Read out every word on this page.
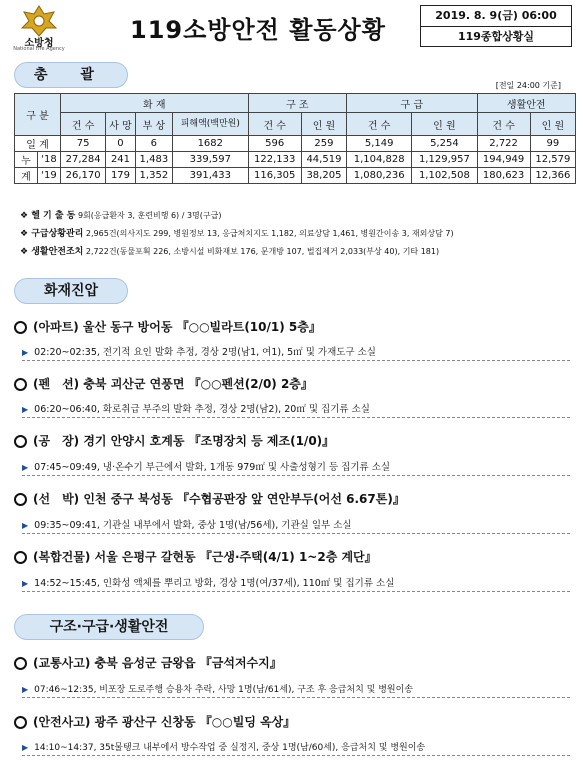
소방청
National Fire Agency
119소방안전 활동상황
2019. 8. 9(금) 06:00
119종합상황실
총 괄
[전일 24:00 기준]
구 분		화 재				구 조		구 급		생활안전	
		건 수	사 망	부 상	피해액(백만원)	건 수	인 원	건 수	인 원	건 수	인 원
일 계		75	0	6	1682	596	259	5,149	5,254	2,722	99
누	'18	27,284	241	1,483	339,597	122,133	44,519	1,104,828	1,129,957	194,949	12,579
계	'19	26,170	179	1,352	391,433	116,305	38,205	1,080,236	1,102,508	180,623	12,366
❖ 헬 기 출 동 9회(응급환자 3, 훈련비행 6) / 3명(구급)
❖ 구급상황관리 2,965건(의사지도 299, 병원정보 13, 응급처치지도 1,182, 의료상담 1,461, 병원간이송 3, 재외상담 7)
❖ 생활안전조치 2,722건(동물포획 226, 소방시설 비화재보 176, 문개방 107, 벌집제거 2,033(부상 40), 기타 181)
화재진압
(아파트) 울산 동구 방어동 『○○빌라트(10/1) 5층』
▶ 02:20~02:35, 전기적 요인 발화 추정, 경상 2명(남1, 여1), 5㎡ 및 가재도구 소실
(펜　션) 충북 괴산군 연풍면 『○○펜션(2/0) 2층』
▶ 06:20~06:40, 화로취급 부주의 발화 추정, 경상 2명(남2), 20㎡ 및 집기류 소실
(공　장) 경기 안양시 호계동 『조명장치 등 제조(1/0)』
▶ 07:45~09:49, 냉·온수기 부근에서 발화, 1개동 979㎡ 및 사출성형기 등 집기류 소실
(선　박) 인천 중구 북성동 『수협공판장 앞 연안부두(어선 6.67톤)』
▶ 09:35~09:41, 기관실 내부에서 발화, 중상 1명(남/56세), 기관실 일부 소실
(복합건물) 서울 은평구 갈현동 『근생·주택(4/1) 1~2층 계단』
▶ 14:52~15:45, 인화성 액체를 뿌리고 방화, 경상 1명(여/37세), 110㎡ 및 집기류 소실
구조·구급·생활안전
(교통사고) 충북 음성군 금왕읍 『금석저수지』
▶ 07:46~12:35, 비포장 도로주행 승용차 추락, 사망 1명(남/61세), 구조 후 응급처치 및 병원이송
(안전사고) 광주 광산구 신창동 『○○빌딩 옥상』
▶ 14:10~14:37, 35t물탱크 내부에서 방수작업 중 실정지, 중상 1명(남/60세), 응급처치 및 병원이송
